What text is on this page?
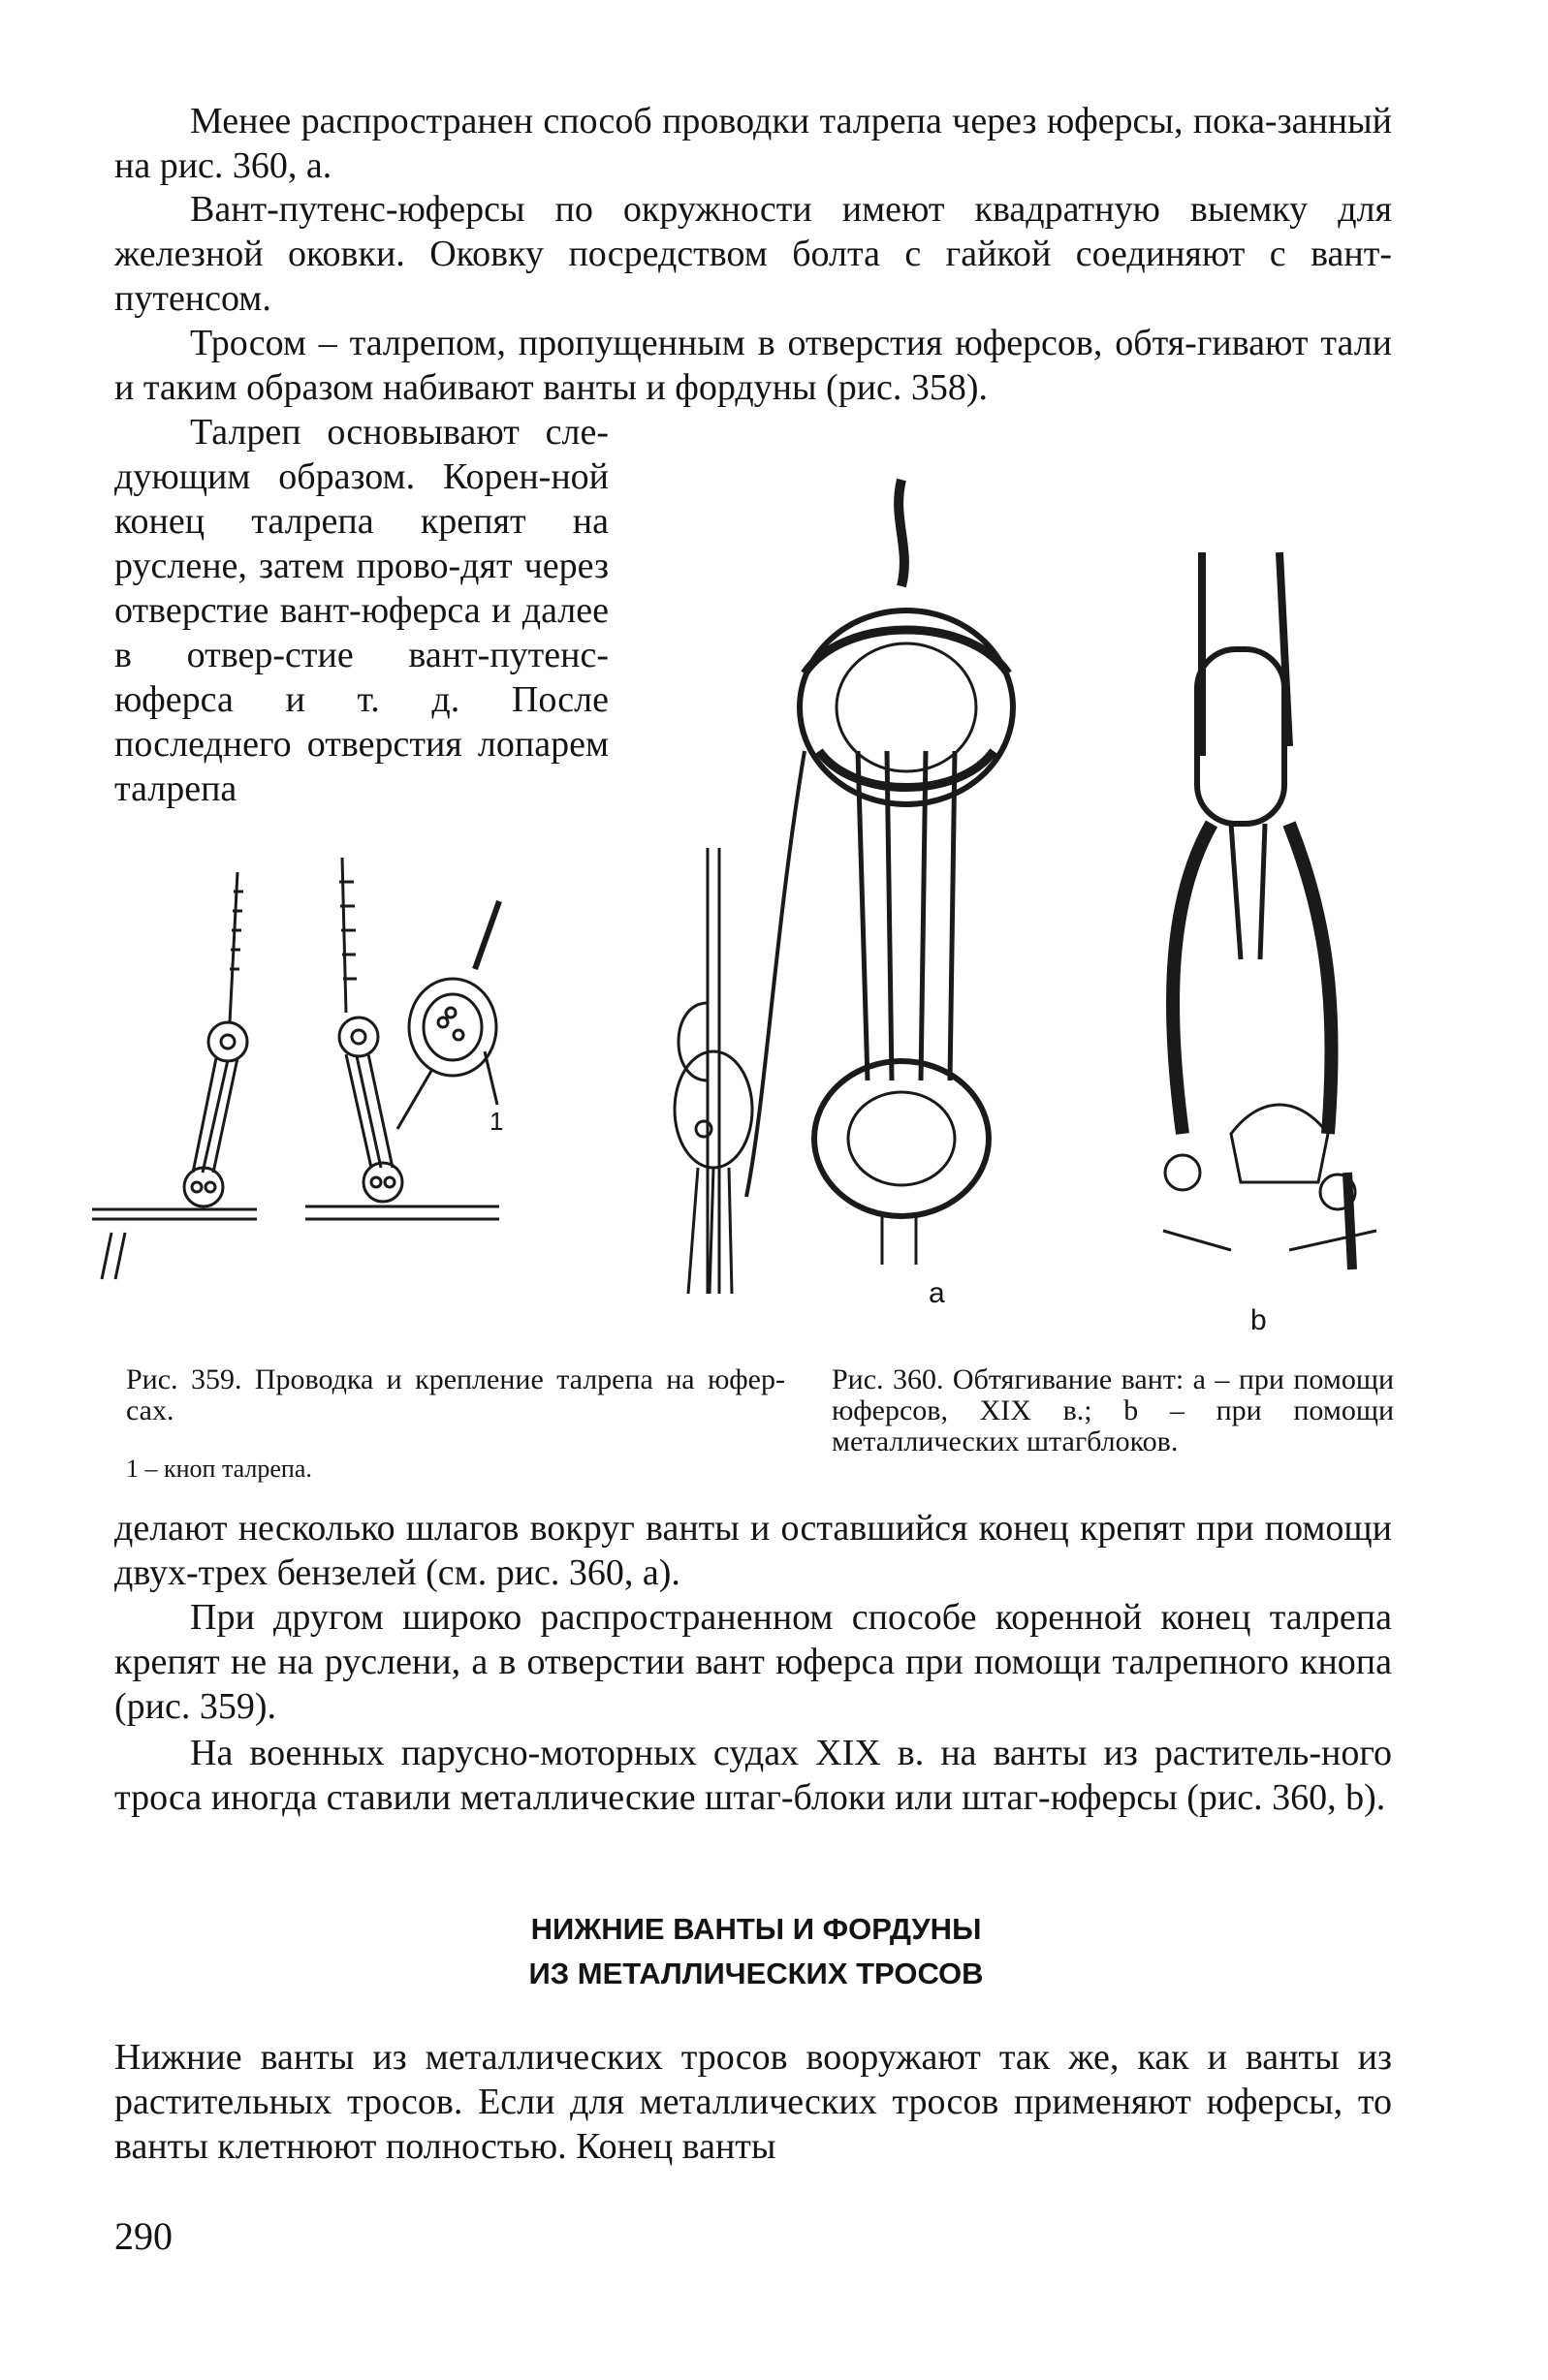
Менее распространен способ проводки талрепа через юферсы, пока-занный на рис. 360, а.

Вант-путенс-юферсы по окружности имеют квадратную выемку для железной оковки. Оковку посредством болта с гайкой соединяют с вант-путенсом.

Тросом – талрепом, пропущенным в отверстия юферсов, обтя-гивают тали и таким образом набивают ванты и фордуны (рис. 358).

Талреп основывают сле-дующим образом. Корен-ной конец талрепа крепят на руслене, затем прово-дят через отверстие вант-юферса и далее в отвер-стие вант-путенс-юферса и т. д. После последнего отверстия лопарем талрепа

1
a
b

Рис. 359. Проводка и крепление талрепа на юфер-сах.

1 – кноп талрепа.

Рис. 360. Обтягивание вант: а – при помощи юферсов, XIX в.; b – при помощи металлических штагблоков.

делают несколько шлагов вокруг ванты и оставшийся конец крепят при помощи двух-трех бензелей (см. рис. 360, а).

При другом широко распространенном способе коренной конец талрепа крепят не на руслени, а в отверстии вант юферса при помощи талрепного кнопа (рис. 359).

На военных парусно-моторных судах XIX в. на ванты из раститель-ного троса иногда ставили металлические штаг-блоки или штаг-юферсы (рис. 360, b).

НИЖНИЕ ВАНТЫ И ФОРДУНЫ

ИЗ МЕТАЛЛИЧЕСКИХ ТРОСОВ

Нижние ванты из металлических тросов вооружают так же, как и ванты из растительных тросов. Если для металлических тросов применяют юферсы, то ванты клетнюют полностью. Конец ванты

290
